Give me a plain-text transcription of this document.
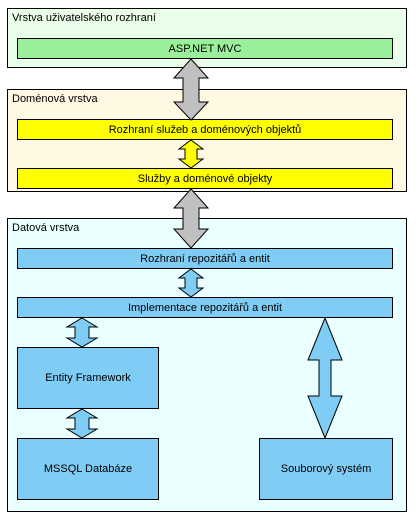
Vrstva uživatelského rozhraní
ASP.NET MVC
Doménová vrstva
Rozhraní služeb a doménových objektů
Služby a doménové objekty
Datová vrstva
Rozhraní repozitářů a entit
Implementace repozitářů a entit
Entity Framework
MSSQL Databáze	Souborový systém
